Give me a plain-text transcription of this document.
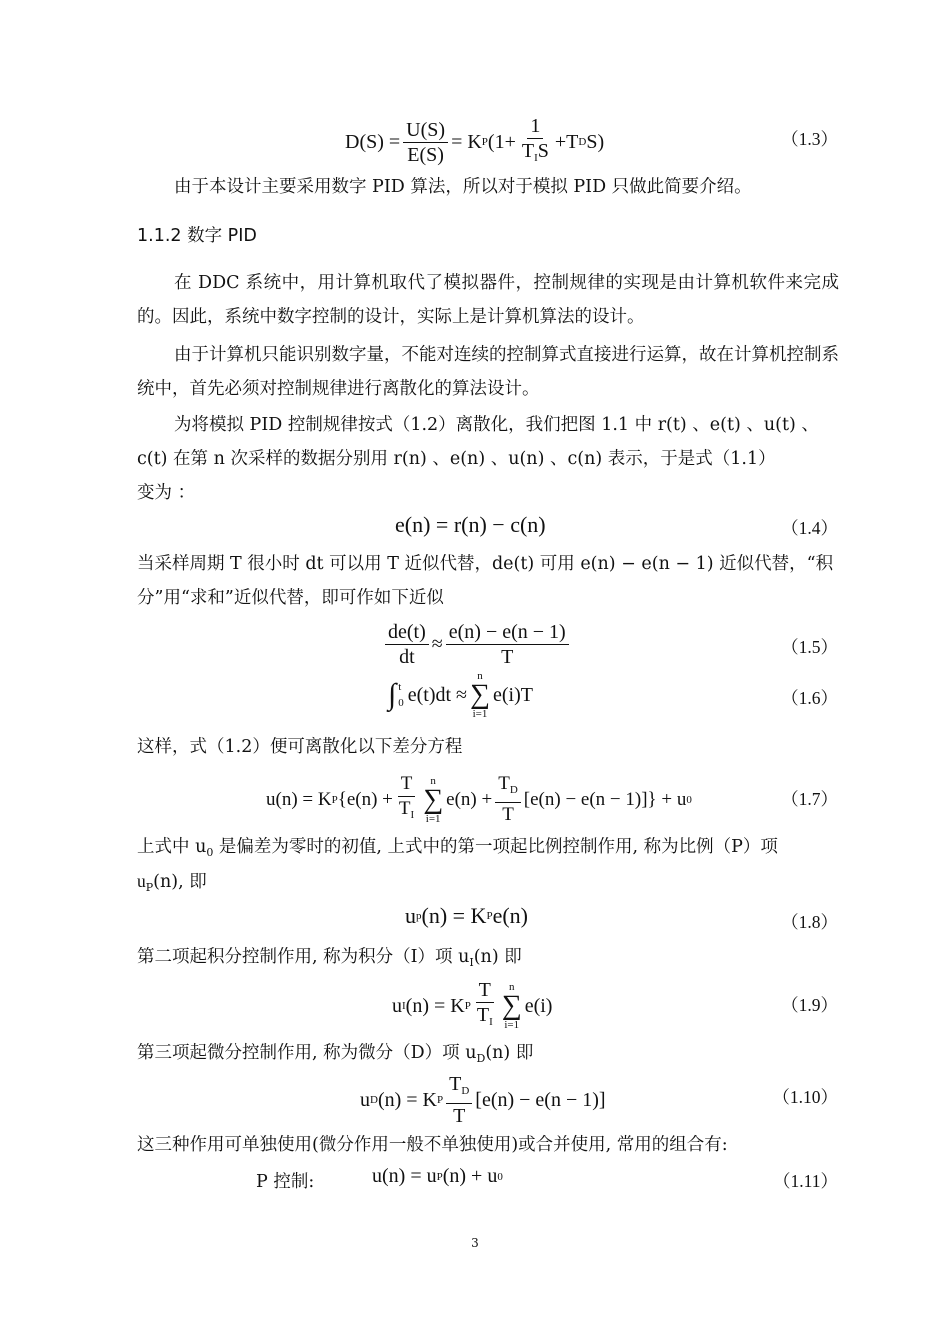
$D(S) = \frac{U(S)}{E(S)} = K$ P ($1+ \frac{1}{T_IS} +T$ D S)	（1.3）
由于本设计主要采用数字 PID 算法，所以对于模拟 PID 只做此简要介绍。
1.1.2 数字 PID
在 DDC 系统中，用计算机取代了模拟器件，控制规律的实现是由计算机软件来完成的。因此，系统中数字控制的设计，实际上是计算机算法的设计。
由于计算机只能识别数字量，不能对连续的控制算式直接进行运算，故在计算机控制系统中，首先必须对控制规律进行离散化的算法设计。
为将模拟 PID 控制规律按式（1.2）离散化，我们把图 1.1 中 r(t) 、e(t) 、u(t) 、
c(t) 在第 n 次采样的数据分别用 r(n) 、e(n) 、u(n) 、c(n) 表示，于是式（1.1）
变为 ：
e(n) = r(n) − c(n)	（1.4）
当采样周期 T 很小时 dt 可以用 T 近似代替，de(t) 可用 e(n) − e(n − 1) 近似代替，“积
分”用“求和”近似代替，即可作如下近似
$\frac{de(t)}{dt} \approx \frac{e(n) - e(n - 1)}{T}$	（1.5）
∫ t
0 e(t)dt ≈
n
∑
i=1
e(i)T	（1.6）
这样，式（1.2）便可离散化以下差分方程
u(n) = K P {$e(n) + \frac{T}{T_I}$ n
∑
i=1
$e(n) + \frac{T_D}{T} [e(n) - e(n - 1)]\} + u$ 0	（1.7）
上式中 $u_0$ 是偏差为零时的初值, 上式中的第一项起比例控制作用, 称为比例（P）项
$u_P(n)$, 即
u p (n) = K P e(n)	（1.8）
第二项起积分控制作用, 称为积分（I）项 $u_I(n)$ 即
u I (n) = K P $\frac{T}{T_I}$ n
∑
i=1
e(i)	（1.9）
第三项起微分控制作用, 称为微分（D）项 $u_D(n)$ 即
u D (n) = K P $\frac{T_D}{T} [e(n) - e(n - 1)]$	（1.10）
这三种作用可单独使用(微分作用一般不单独使用)或合并使用, 常用的组合有:
P 控制:	u(n) = u P (n) + u 0	（1.11）
3
